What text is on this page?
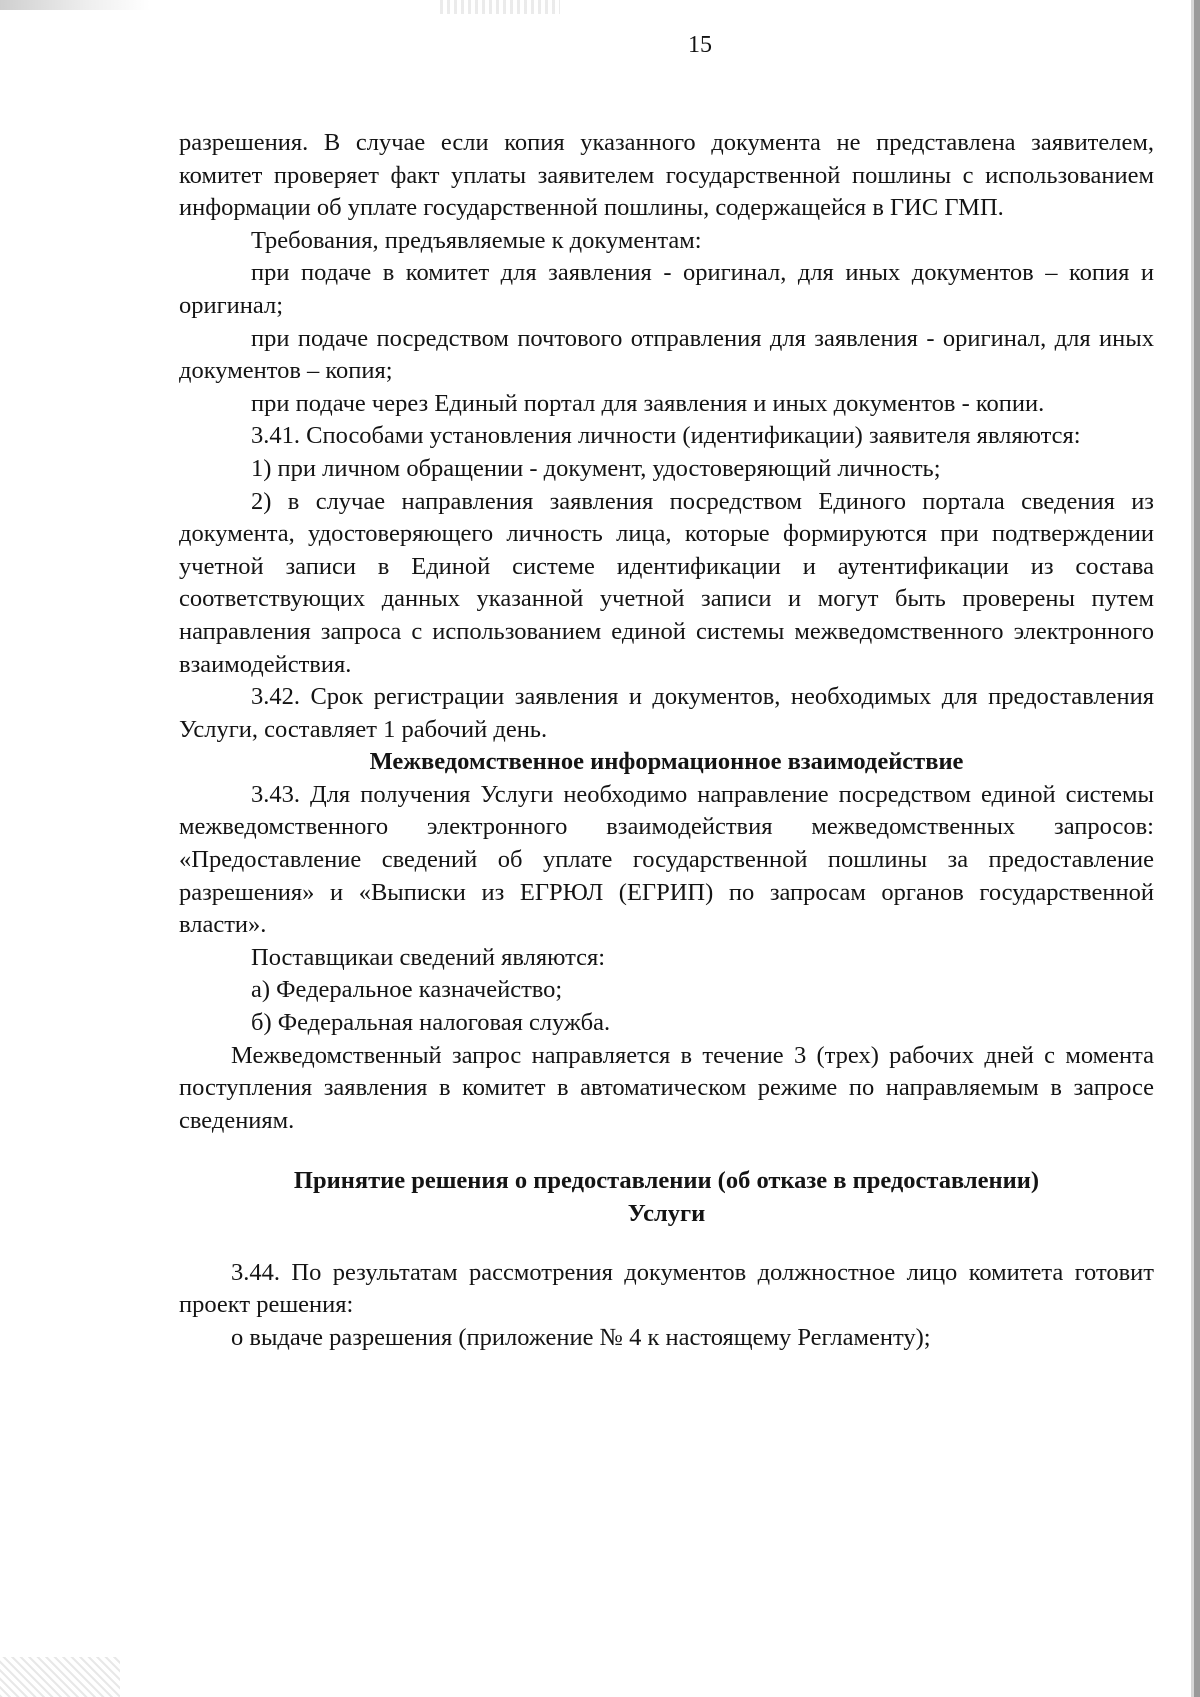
15

разрешения. В случае если копия указанного документа не представлена заявителем, комитет проверяет факт уплаты заявителем государственной пошлины с использованием информации об уплате государственной пошлины, содержащейся в ГИС ГМП.

Требования, предъявляемые к документам:

при подаче в комитет для заявления - оригинал, для иных документов – копия и оригинал;

при подаче посредством почтового отправления для заявления - оригинал, для иных документов – копия;

при подаче через Единый портал для заявления и иных документов - копии.

3.41. Способами установления личности (идентификации) заявителя являются:

1) при личном обращении - документ, удостоверяющий личность;

2) в случае направления заявления посредством Единого портала сведения из документа, удостоверяющего личность лица, которые формируются при подтверждении учетной записи в Единой системе идентификации и аутентификации из состава соответствующих данных указанной учетной записи и могут быть проверены путем направления запроса с использованием единой системы межведомственного электронного взаимодействия.

3.42. Срок регистрации заявления и документов, необходимых для предоставления Услуги, составляет 1 рабочий день.

Межведомственное информационное взаимодействие

3.43. Для получения Услуги необходимо направление посредством единой системы межведомственного электронного взаимодействия межведомственных запросов: «Предоставление сведений об уплате государственной пошлины за предоставление разрешения» и «Выписки из ЕГРЮЛ (ЕГРИП) по запросам органов государственной власти».

Поставщикаи сведений являются:

а) Федеральное казначейство;

б) Федеральная налоговая служба.

Межведомственный запрос направляется в течение 3 (трех) рабочих дней с момента поступления заявления в комитет в автоматическом режиме по направляемым в запросе сведениям.

Принятие решения о предоставлении (об отказе в предоставлении)
Услуги

3.44. По результатам рассмотрения документов должностное лицо комитета готовит проект решения:

о выдаче разрешения (приложение № 4 к настоящему Регламенту);
